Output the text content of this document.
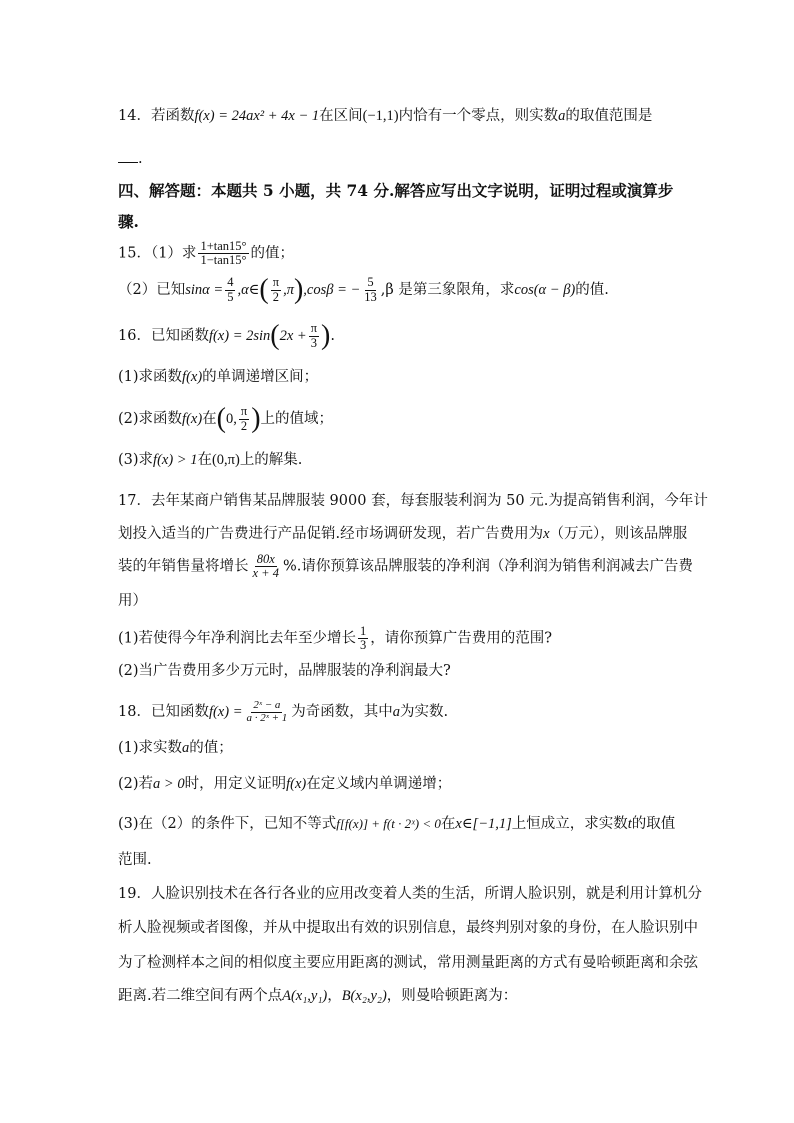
14．若函数f(x) = 24ax² + 4x − 1在区间(−1,1)内恰有一个零点，则实数a的取值范围是
.
四、解答题：本题共 5 小题，共 74 分.解答应写出文字说明，证明过程或演算步
骤.
15．（1）求 $\frac{1+\tan 15^\circ}{1-\tan 15^\circ}$ 的值；
（2）已知$\sin\alpha = \frac{4}{5}$ ,α∈( $\frac{\pi}{2} ,\pi),\cos\beta$ = − $\frac{5}{13} ,\beta$ 是第三象限角，求cos(α − β)的值.
16．已知函数$f(x) = 2\sin(2x + \frac{\pi}{3}$ ).
(1)求函数f(x)的单调递增区间；
(2)求函数f(x)在(0, $\frac{\pi}{2}$ )上的值域；
(3)求f(x) > 1在(0,π)上的解集.
17．去年某商户销售某品牌服装 9000 套，每套服装利润为 50 元.为提高销售利润，今年计
划投入适当的广告费进行产品促销.经市场调研发现，若广告费用为x（万元），则该品牌服
装的年销售量将增长 $\frac{80x}{x + 4}$ %.请你预算该品牌服装的净利润（净利润为销售利润减去广告费
用）
(1)若使得今年净利润比去年至少增长 $\frac{1}{3}$ ，请你预算广告费用的范围?
(2)当广告费用多少万元时，品牌服装的净利润最大?
18．已知函数$f(x) = \frac{\text{2ˣ − a}}{\text{a · 2ˣ + 1}}$ 为奇函数，其中a为实数.
(1)求实数a的值；
(2)若a > 0时，用定义证明f(x)在定义域内单调递增；
(3)在（2）的条件下，已知不等式f[f(x)] + f(t · 2ˣ) < 0在x∈[−1,1]上恒成立，求实数t的取值
范围.
19．人脸识别技术在各行各业的应用改变着人类的生活，所谓人脸识别，就是利用计算机分
析人脸视频或者图像，并从中提取出有效的识别信息，最终判别对象的身份，在人脸识别中
为了检测样本之间的相似度主要应用距离的测试，常用测量距离的方式有曼哈顿距离和余弦
距离.若二维空间有两个点A(x₁,y₁)，B(x₂,y₂)，则曼哈顿距离为：
